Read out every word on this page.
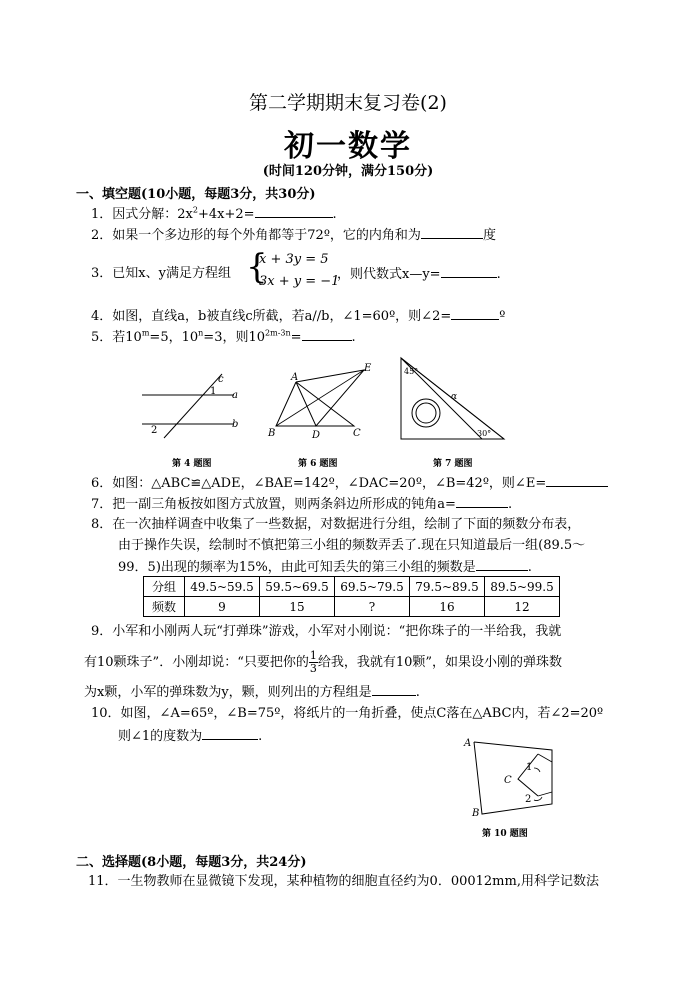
第二学期期末复习卷(2)
初一数学
(时间120分钟，满分150分)
一、填空题(10小题，每题3分，共30分)
1．因式分解：$2x^2+4x+2=$	.
2．如果一个多边形的每个外角都等于72º，它的内角和为	度
3．已知x、y满足方程组 {
x + 3y = 5
3x + y = −1
，则代数式x—y=	.
4．如图，直线a，b被直线c所截，若a//b，∠1=60º，则∠2=	º
5．若$10^m=5$，$10^n=3$，则$10^{2m-3n}=$	.
c
1 a
2
b
第 4 题图
A
E
B	D	C
第 6 题图
45°
α
30°
第 7 题图
6．如图：△ABC≌△ADE，∠BAE=142º，∠DAC=20º，∠B=42º，则∠E=
7．把一副三角板按如图方式放置，则两条斜边所形成的钝角a=	.
8．在一次抽样调查中收集了一些数据，对数据进行分组，绘制了下面的频数分布表，
由于操作失误，绘制时不慎把第三小组的频数弄丢了.现在只知道最后一组(89.5～
99．5)出现的频率为15%，由此可知丢失的第三小组的频数是	.
分组	49.5~59.5	59.5~69.5	69.5~79.5	79.5~89.5	89.5~99.5
频数	9	15	?	16	12
9．小军和小刚两人玩“打弹珠”游戏，小军对小刚说：“把你珠子的一半给我，我就
有10颗珠子”．小刚却说：“只要把你的 $\frac{1}{3}$ 给我，我就有10颗”，如果设小刚的弹珠数
为x颗，小军的弹珠数为y，颗，则列出的方程组是	.
10．如图，∠A=65º，∠B=75º，将纸片的一角折叠，使点C落在△ABC内，若∠2=20º
则∠1的度数为	.	A
C
1
2
B
第 10 题图
二、选择题(8小题，每题3分，共24分)
11．一生物教师在显微镜下发现，某种植物的细胞直径约为0．00012mm,用科学记数法
